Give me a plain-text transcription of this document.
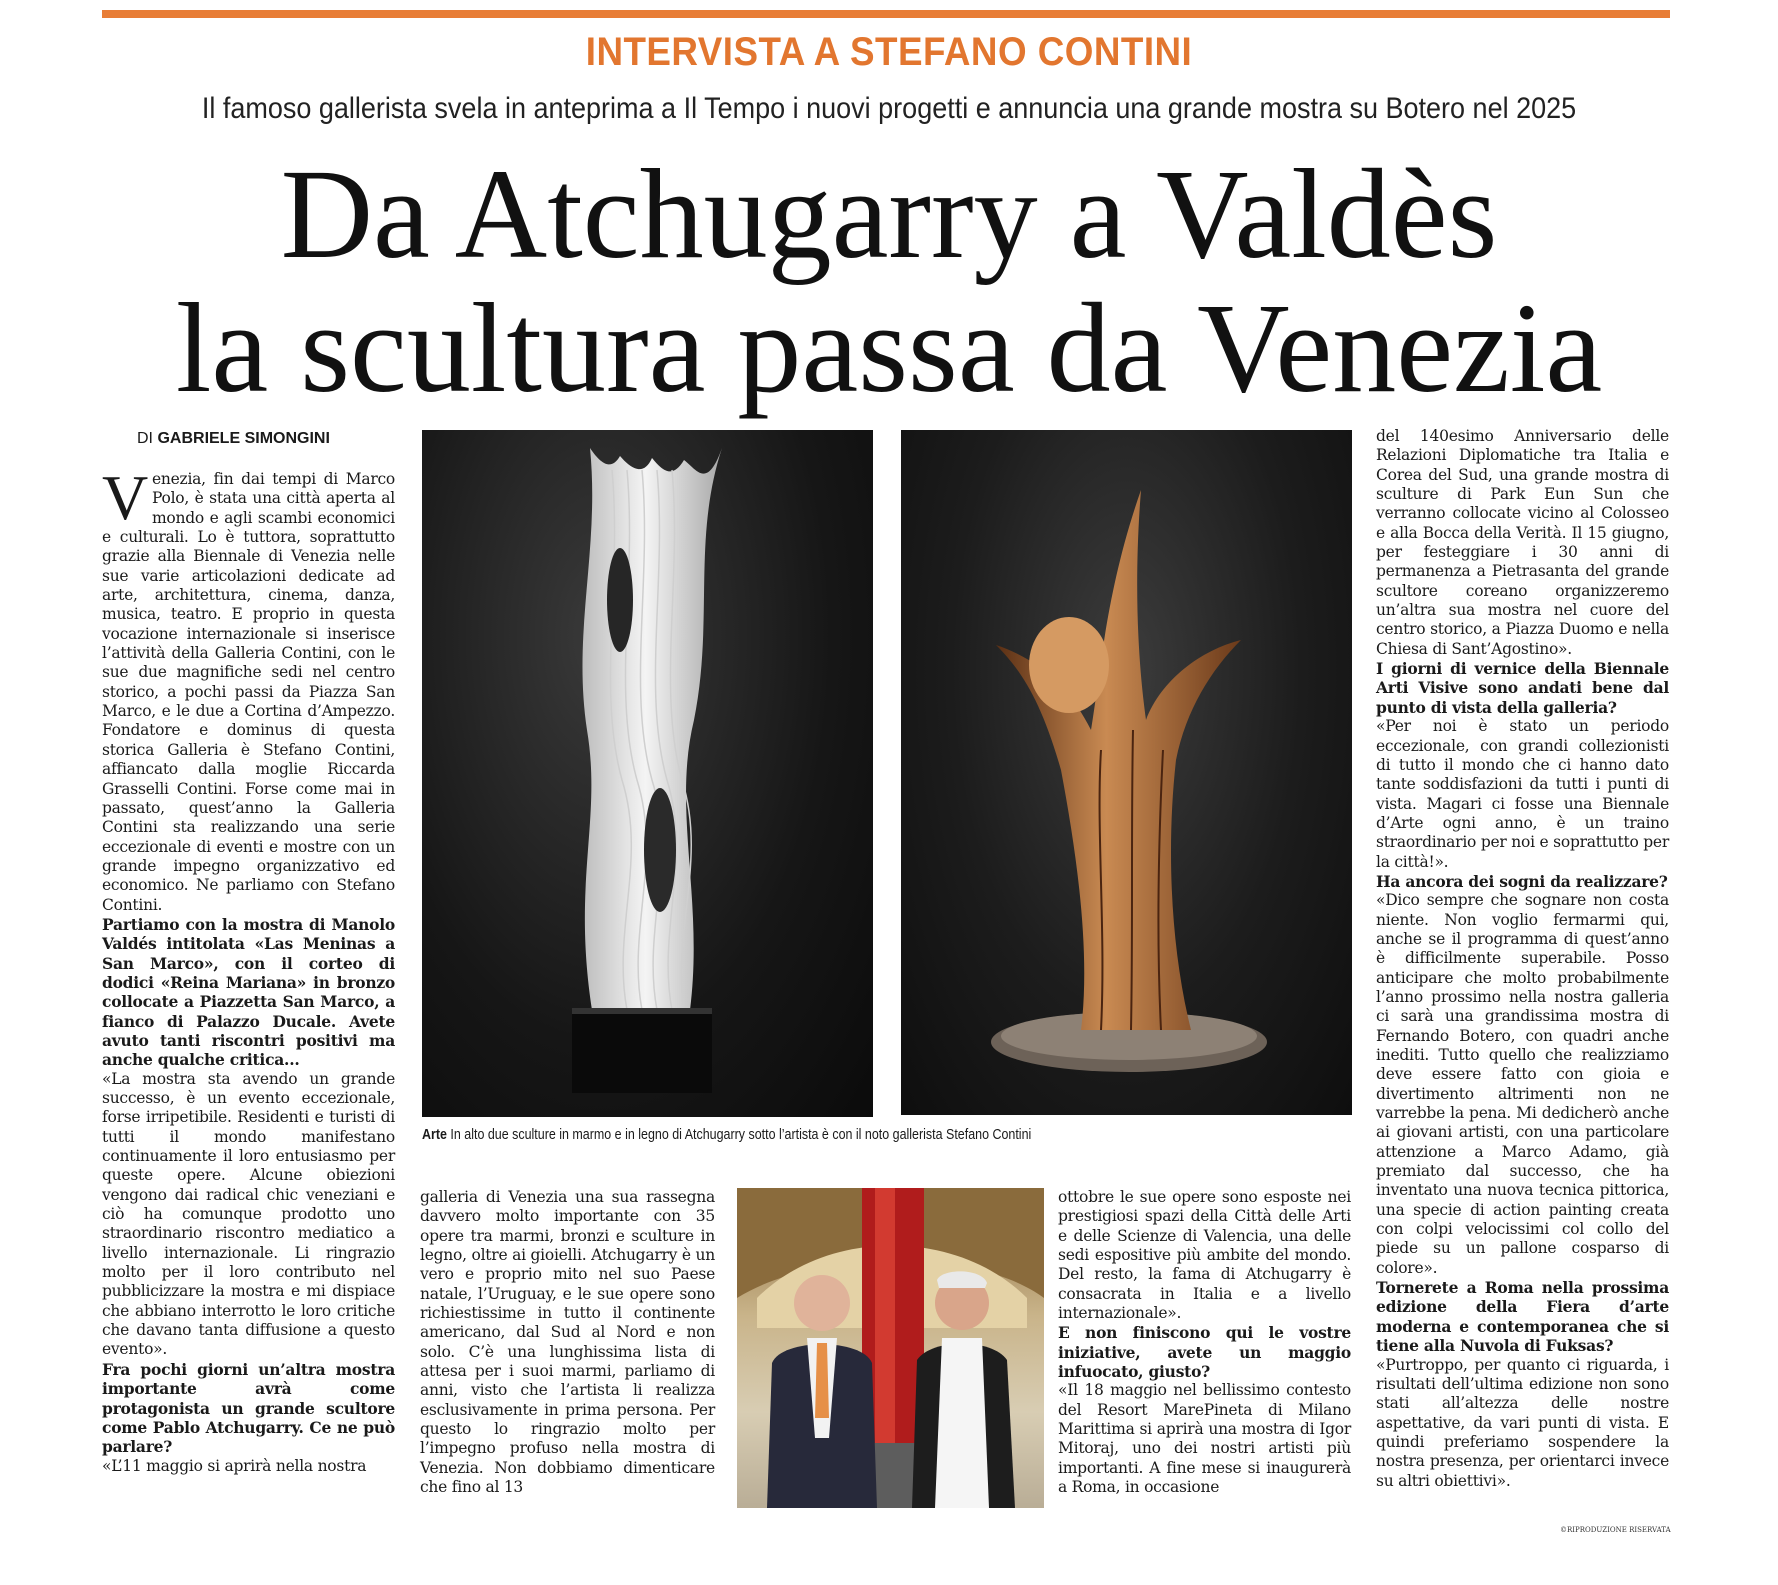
INTERVISTA A STEFANO CONTINI
Il famoso gallerista svela in anteprima a Il Tempo i nuovi progetti e annuncia una grande mostra su Botero nel 2025
Da Atchugarry a Valdès
la scultura passa da Venezia
DI GABRIELE SIMONGINI

Venezia, fin dai tempi di Marco Polo, è stata una città aperta al mondo e agli scambi economici e culturali. Lo è tuttora, soprattutto grazie alla Biennale di Venezia nelle sue varie articolazioni dedicate ad arte, architettura, cinema, danza, musica, teatro. E proprio in questa vocazione internazionale si inserisce l’attività della Galleria Contini, con le sue due magnifiche sedi nel centro storico, a pochi passi da Piazza San Marco, e le due a Cortina d’Ampezzo. Fondatore e dominus di questa storica Galleria è Stefano Contini, affiancato dalla moglie Riccarda Grasselli Contini. Forse come mai in passato, quest’anno la Galleria Contini sta realizzando una serie eccezionale di eventi e mostre con un grande impegno organizzativo ed economico. Ne parliamo con Stefano Contini.

Partiamo con la mostra di Manolo Valdés intitolata «Las Meninas a San Marco», con il corteo di dodici «Reina Mariana» in bronzo collocate a Piazzetta San Marco, a fianco di Palazzo Ducale. Avete avuto tanti riscontri positivi ma anche qualche critica...

«La mostra sta avendo un grande successo, è un evento eccezionale, forse irripetibile. Residenti e turisti di tutti il mondo manifestano continuamente il loro entusiasmo per queste opere. Alcune obiezioni vengono dai radical chic veneziani e ciò ha comunque prodotto uno straordinario riscontro mediatico a livello internazionale. Li ringrazio molto per il loro contributo nel pubblicizzare la mostra e mi dispiace che abbiano interrotto le loro critiche che davano tanta diffusione a questo evento».

Fra pochi giorni un’altra mostra importante avrà come protagonista un grande scultore come Pablo Atchugarry. Ce ne può parlare?

«L’11 maggio si aprirà nella nostra

Arte In alto due sculture in marmo e in legno di Atchugarry sotto l’artista è con il noto gallerista Stefano Contini

galleria di Venezia una sua rassegna davvero molto importante con 35 opere tra marmi, bronzi e sculture in legno, oltre ai gioielli. Atchugarry è un vero e proprio mito nel suo Paese natale, l’Uruguay, e le sue opere sono richiestissime in tutto il continente americano, dal Sud al Nord e non solo. C’è una lunghissima lista di attesa per i suoi marmi, parliamo di anni, visto che l’artista li realizza esclusivamente in prima persona. Per questo lo ringrazio molto per l’impegno profuso nella mostra di Venezia. Non dobbiamo dimenticare che fino al 13

ottobre le sue opere sono esposte nei prestigiosi spazi della Città delle Arti e delle Scienze di Valencia, una delle sedi espositive più ambite del mondo. Del resto, la fama di Atchugarry è consacrata in Italia e a livello internazionale».

E non finiscono qui le vostre iniziative, avete un maggio infuocato, giusto?

«Il 18 maggio nel bellissimo contesto del Resort MarePineta di Milano Marittima si aprirà una mostra di Igor Mitoraj, uno dei nostri artisti più importanti. A fine mese si inaugurerà a Roma, in occasione

del 140esimo Anniversario delle Relazioni Diplomatiche tra Italia e Corea del Sud, una grande mostra di sculture di Park Eun Sun che verranno collocate vicino al Colosseo e alla Bocca della Verità. Il 15 giugno, per festeggiare i 30 anni di permanenza a Pietrasanta del grande scultore coreano organizzeremo un’altra sua mostra nel cuore del centro storico, a Piazza Duomo e nella Chiesa di Sant’Agostino».

I giorni di vernice della Biennale Arti Visive sono andati bene dal punto di vista della galleria?

«Per noi è stato un periodo eccezionale, con grandi collezionisti di tutto il mondo che ci hanno dato tante soddisfazioni da tutti i punti di vista. Magari ci fosse una Biennale d’Arte ogni anno, è un traino straordinario per noi e soprattutto per la città!».

Ha ancora dei sogni da realizzare?

«Dico sempre che sognare non costa niente. Non voglio fermarmi qui, anche se il programma di quest’anno è difficilmente superabile. Posso anticipare che molto probabilmente l’anno prossimo nella nostra galleria ci sarà una grandissima mostra di Fernando Botero, con quadri anche inediti. Tutto quello che realizziamo deve essere fatto con gioia e divertimento altrimenti non ne varrebbe la pena. Mi dedicherò anche ai giovani artisti, con una particolare attenzione a Marco Adamo, già premiato dal successo, che ha inventato una nuova tecnica pittorica, una specie di action painting creata con colpi velocissimi col collo del piede su un pallone cosparso di colore».

Tornerete a Roma nella prossima edizione della Fiera d’arte moderna e contemporanea che si tiene alla Nuvola di Fuksas?

«Purtroppo, per quanto ci riguarda, i risultati dell’ultima edizione non sono stati all’altezza delle nostre aspettative, da vari punti di vista. E quindi preferiamo sospendere la nostra presenza, per orientarci invece su altri obiettivi».

©RIPRODUZIONE RISERVATA
